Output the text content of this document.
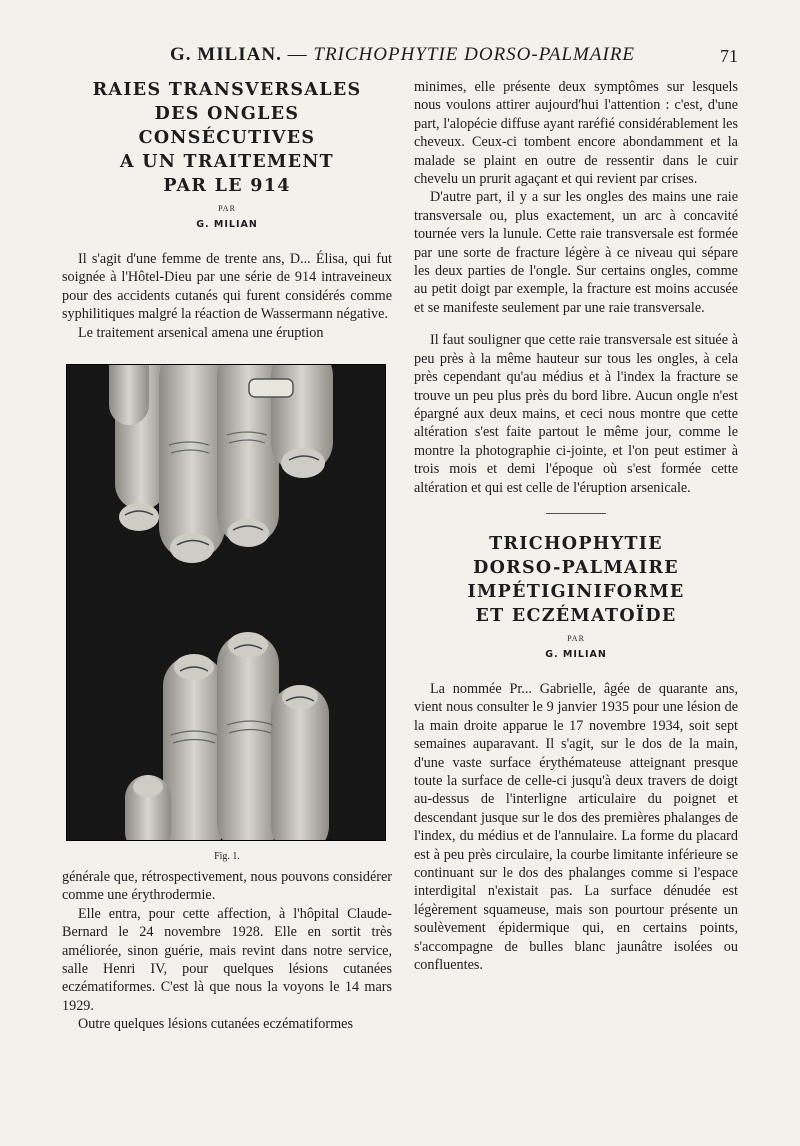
G. MILIAN. — TRICHOPHYTIE DORSO-PALMAIRE	71
RAIES TRANSVERSALES
DES ONGLES
CONSÉCUTIVES
A UN TRAITEMENT
PAR LE 914
PAR
G. MILIAN

Il s'agit d'une femme de trente ans, D... Élisa, qui fut soignée à l'Hôtel-Dieu par une série de 914 intraveineux pour des accidents cutanés qui furent considérés comme syphilitiques malgré la réaction de Wassermann négative.

Le traitement arsenical amena une éruption

Fig. 1.

générale que, rétrospectivement, nous pouvons considérer comme une érythrodermie.

Elle entra, pour cette affection, à l'hôpital Claude-Bernard le 24 novembre 1928. Elle en sortit très améliorée, sinon guérie, mais revint dans notre service, salle Henri IV, pour quelques lésions cutanées eczématiformes. C'est là que nous la voyons le 14 mars 1929.

Outre quelques lésions cutanées eczématiformes

minimes, elle présente deux symptômes sur lesquels nous voulons attirer aujourd'hui l'attention : c'est, d'une part, l'alopécie diffuse ayant raréfié considérablement les cheveux. Ceux-ci tombent encore abondamment et la malade se plaint en outre de ressentir dans le cuir chevelu un prurit agaçant et qui revient par crises.

D'autre part, il y a sur les ongles des mains une raie transversale ou, plus exactement, un arc à concavité tournée vers la lunule. Cette raie transversale est formée par une sorte de fracture légère à ce niveau qui sépare les deux parties de l'ongle. Sur certains ongles, comme au petit doigt par exemple, la fracture est moins accusée et se manifeste seulement par une raie transversale.

Il faut souligner que cette raie transversale est située à peu près à la même hauteur sur tous les ongles, à cela près cependant qu'au médius et à l'index la fracture se trouve un peu plus près du bord libre. Aucun ongle n'est épargné aux deux mains, et ceci nous montre que cette altération s'est faite partout le même jour, comme le montre la photographie ci-jointe, et l'on peut estimer à trois mois et demi l'époque où s'est formée cette altération et qui est celle de l'éruption arsenicale.

TRICHOPHYTIE
DORSO-PALMAIRE
IMPÉTIGINIFORME
ET ECZÉMATOÏDE
PAR
G. MILIAN

La nommée Pr... Gabrielle, âgée de quarante ans, vient nous consulter le 9 janvier 1935 pour une lésion de la main droite apparue le 17 novembre 1934, soit sept semaines auparavant. Il s'agit, sur le dos de la main, d'une vaste surface érythémateuse atteignant presque toute la surface de celle-ci jusqu'à deux travers de doigt au-dessus de l'interligne articulaire du poignet et descendant jusque sur le dos des premières phalanges de l'index, du médius et de l'annulaire. La forme du placard est à peu près circulaire, la courbe limitante inférieure se continuant sur le dos des phalanges comme si l'espace interdigital n'existait pas. La surface dénudée est légèrement squameuse, mais son pourtour présente un soulèvement épidermique qui, en certains points, s'accompagne de bulles blanc jaunâtre isolées ou confluentes.
